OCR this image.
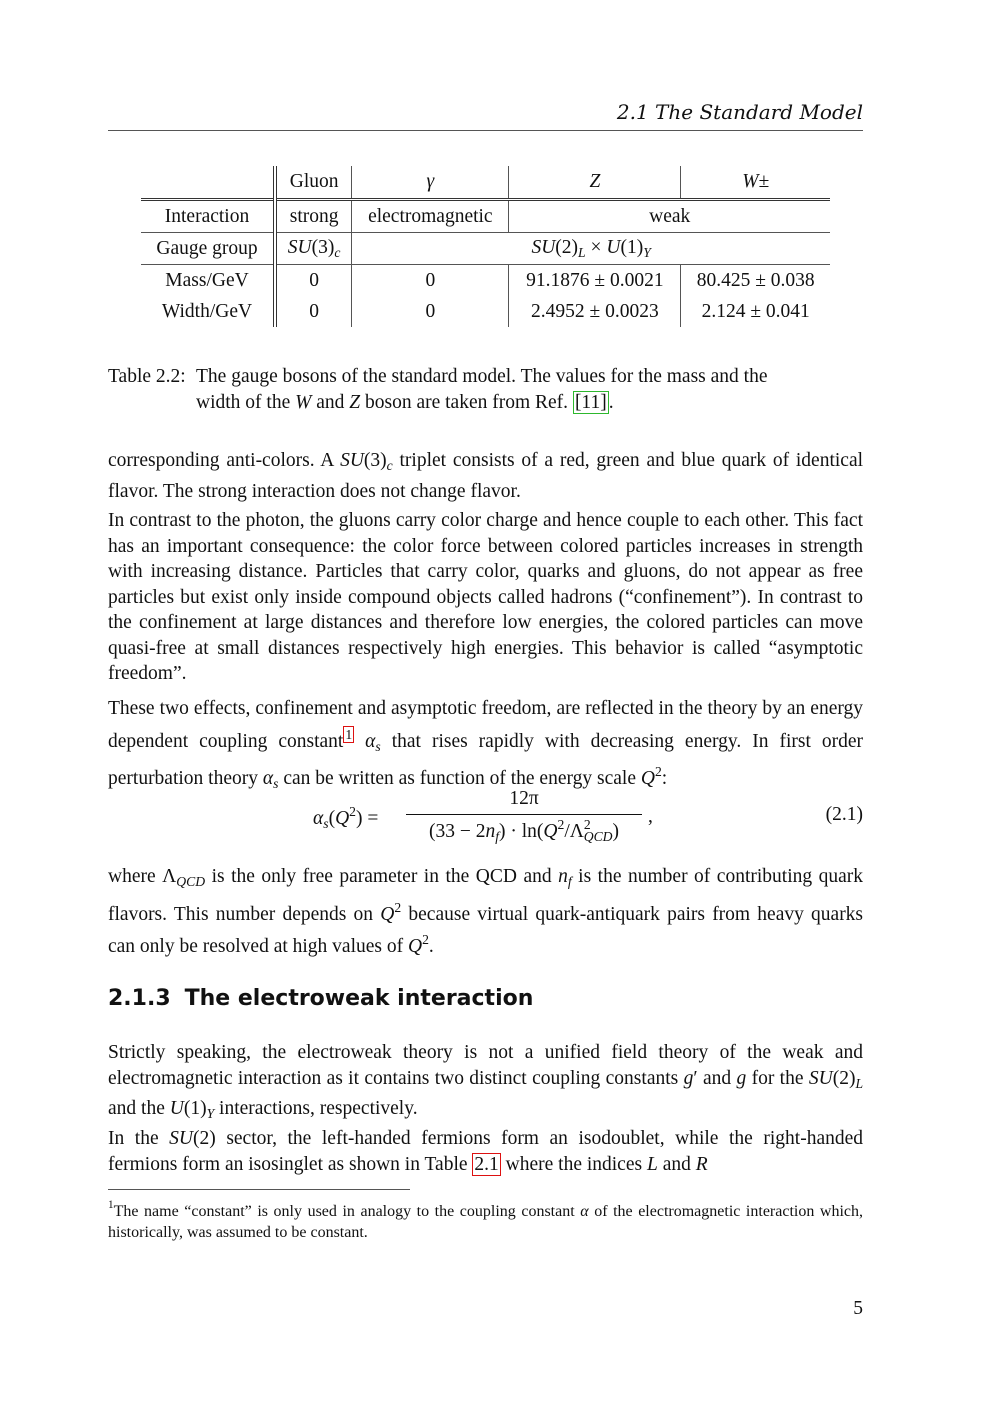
2.1 The Standard Model
	Gluon	γ	Z	W±
Interaction	strong	electromagnetic	weak	
Gauge group	$SU(3)_c$	$SU(2)_L \times U(1)_Y$
Mass/GeV	0	0	91.1876 ± 0.0021	80.425 ± 0.038
Width/GeV	0	0	2.4952 ± 0.0023	2.124 ± 0.041
Table 2.2: The gauge bosons of the standard model. The values for the mass and the
width of the W and Z boson are taken from Ref. [11] .

corresponding anti-colors. A $SU(3)_c$ triplet consists of a red, green and blue quark of identical flavor. The strong interaction does not change flavor.

In contrast to the photon, the gluons carry color charge and hence couple to each other. This fact has an important consequence: the color force between colored particles increases in strength with increasing distance. Particles that carry color, quarks and gluons, do not appear as free particles but exist only inside compound objects called hadrons (“confinement”). In contrast to the confinement at large distances and therefore low energies, the colored particles can move quasi-free at small distances respectively high energies. This behavior is called “asymptotic freedom”.

These two effects, confinement and asymptotic freedom, are reflected in the theory by an energy dependent coupling constant $^1$ $\alpha_s$ that rises rapidly with decreasing energy. In first order perturbation theory $\alpha_s$ can be written as function of the energy scale $Q^2$:

$\alpha_s(Q^2)$ =
12π
$(33 - 2n_f) \cdot \ln(Q^2/\Lambda^2_{QCD})$
,	(2.1)

where $\Lambda_{QCD}$ is the only free parameter in the QCD and $n_f$ is the number of contributing quark flavors. This number depends on $Q^2$ because virtual quark-antiquark pairs from heavy quarks can only be resolved at high values of $Q^2$.

2.1.3 The electroweak interaction

Strictly speaking, the electroweak theory is not a unified field theory of the weak and electromagnetic interaction as it contains two distinct coupling constants g′ and g for the $SU(2)_L$ and the $U(1)_Y$ interactions, respectively.

In the SU(2) sector, the left-handed fermions form an isodoublet, while the right-handed fermions form an isosinglet as shown in Table 2.1 where the indices L and R

$^1$The name “constant” is only used in analogy to the coupling constant α of the electromagnetic interaction which, historically, was assumed to be constant.
5
